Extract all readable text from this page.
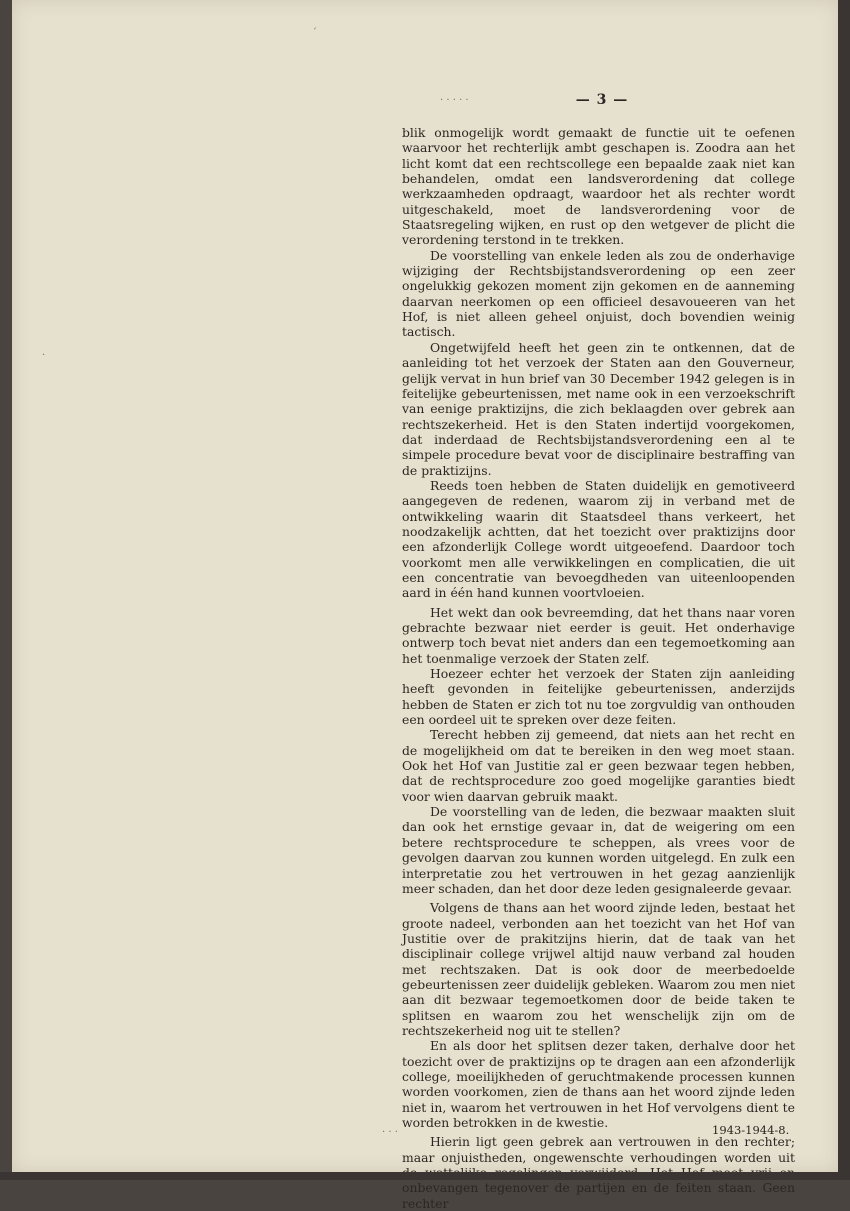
´
·
. . . . .
. . .
— 3 —

blik onmogelijk wordt gemaakt de functie uit te oefenen waarvoor het rechterlijk ambt geschapen is. Zoodra aan het licht komt dat een rechtscollege een bepaalde zaak niet kan behandelen, omdat een landsverordening dat college werkzaamheden opdraagt, waardoor het als rechter wordt uitgeschakeld, moet de landsverordening voor de Staatsregeling wijken, en rust op den wetgever de plicht die verordening terstond in te trekken.

De voorstelling van enkele leden als zou de onderhavige wijziging der Rechtsbijstandsverordening op een zeer ongelukkig gekozen moment zijn gekomen en de aanneming daarvan neerkomen op een officieel desavoueeren van het Hof, is niet alleen geheel onjuist, doch bovendien weinig tactisch.

Ongetwijfeld heeft het geen zin te ontkennen, dat de aanleiding tot het verzoek der Staten aan den Gouverneur, gelijk vervat in hun brief van 30 December 1942 gelegen is in feitelijke gebeurtenissen, met name ook in een verzoekschrift van eenige praktizijns, die zich beklaagden over gebrek aan rechtszekerheid. Het is den Staten indertijd voorgekomen, dat inderdaad de Rechtsbijstandsverordening een al te simpele procedure bevat voor de disciplinaire bestraffing van de praktizijns.

Reeds toen hebben de Staten duidelijk en gemotiveerd aangegeven de redenen, waarom zij in verband met de ontwikkeling waarin dit Staatsdeel thans verkeert, het noodzakelijk achtten, dat het toezicht over praktizijns door een afzonderlijk College wordt uitgeoefend. Daardoor toch voorkomt men alle verwikkelingen en complicatien, die uit een concentratie van bevoegdheden van uiteenloopenden aard in één hand kunnen voortvloeien.

Het wekt dan ook bevreemding, dat het thans naar voren gebrachte bezwaar niet eerder is geuit. Het onderhavige ontwerp toch bevat niet anders dan een tegemoetkoming aan het toenmalige verzoek der Staten zelf.

Hoezeer echter het verzoek der Staten zijn aanleiding heeft gevonden in feitelijke gebeurtenissen, anderzijds hebben de Staten er zich tot nu toe zorgvuldig van onthouden een oordeel uit te spreken over deze feiten.

Terecht hebben zij gemeend, dat niets aan het recht en de mogelijkheid om dat te bereiken in den weg moet staan. Ook het Hof van Justitie zal er geen bezwaar tegen hebben, dat de rechtsprocedure zoo goed mogelijke garanties biedt voor wien daarvan gebruik maakt.

De voorstelling van de leden, die bezwaar maakten sluit dan ook het ernstige gevaar in, dat de weigering om een betere rechtsprocedure te scheppen, als vrees voor de gevolgen daarvan zou kunnen worden uitgelegd. En zulk een interpretatie zou het vertrouwen in het gezag aanzienlijk meer schaden, dan het door deze leden gesignaleerde gevaar.

Volgens de thans aan het woord zijnde leden, bestaat het groote nadeel, verbonden aan het toezicht van het Hof van Justitie over de prakitzijns hierin, dat de taak van het disciplinair college vrijwel altijd nauw verband zal houden met rechtszaken. Dat is ook door de meerbedoelde gebeurtenissen zeer duidelijk gebleken. Waarom zou men niet aan dit bezwaar tegemoetkomen door de beide taken te splitsen en waarom zou het wenschelijk zijn om de rechtszekerheid nog uit te stellen?

En als door het splitsen dezer taken, derhalve door het toezicht over de praktizijns op te dragen aan een afzonderlijk college, moeilijkheden of geruchtmakende processen kunnen worden voorkomen, zien de thans aan het woord zijnde leden niet in, waarom het vertrouwen in het Hof vervolgens dient te worden betrokken in de kwestie.

Hierin ligt geen gebrek aan vertrouwen in den rechter; maar onjuistheden, ongewenschte verhoudingen worden uit de wettelijke regelingen verwijderd. Het Hof moet vrij en onbevangen tegenover de partijen en de feiten staan. Geen

1943-1944-8.
